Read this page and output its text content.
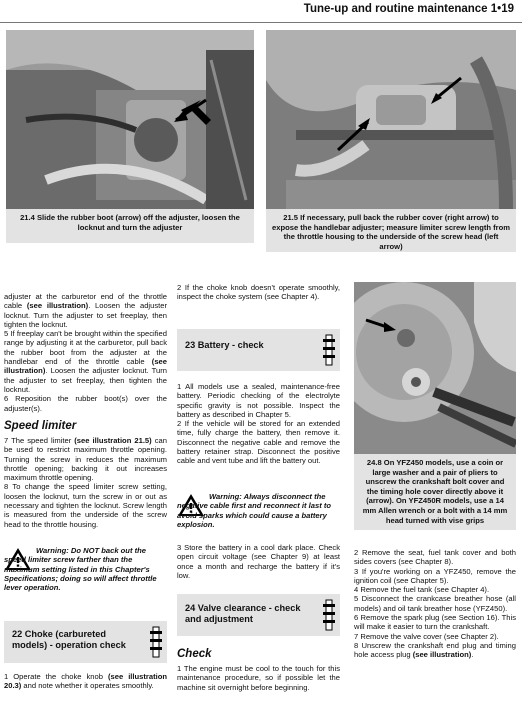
Tune-up and routine maintenance 1•19
21.4 Slide the rubber boot (arrow) off the adjuster, loosen the locknut and turn the adjuster
21.5 If necessary, pull back the rubber cover (right arrow) to expose the handlebar adjuster; measure limiter screw length from the throttle housing to the underside of the screw head (left arrow)

adjuster at the carburetor end of the throttle cable (see illustration). Loosen the adjuster locknut. Turn the adjuster to set freeplay, then tighten the locknut.

5 If freeplay can't be brought within the specified range by adjusting it at the carburetor, pull back the rubber boot from the adjuster at the handlebar end of the throttle cable (see illustration). Loosen the adjuster locknut. Turn the adjuster to set freeplay, then tighten the locknut.

6 Reposition the rubber boot(s) over the adjuster(s).

Speed limiter

7 The speed limiter (see illustration 21.5) can be used to restrict maximum throttle opening. Turning the screw in reduces the maximum throttle opening; backing it out increases maximum throttle opening.

8 To change the speed limiter screw setting, loosen the locknut, turn the screw in or out as necessary and tighten the locknut. Screw length is measured from the underside of the screw head to the throttle housing.

Warning: Do NOT back out the speed limiter screw farther than the maximum setting listed in this Chapter's Specifications; doing so will affect throttle lever operation.
22 Choke (carbureted models) - operation check

1 Operate the choke knob (see illustration 20.3) and note whether it operates smoothly.

2 If the choke knob doesn't operate smoothly, inspect the choke system (see Chapter 4).

23 Battery - check

1 All models use a sealed, maintenance-free battery. Periodic checking of the electrolyte specific gravity is not possible. Inspect the battery as described in Chapter 5.

2 If the vehicle will be stored for an extended time, fully charge the battery, then remove it. Disconnect the negative cable and remove the battery retainer strap. Disconnect the positive cable and vent tube and lift the battery out.

Warning: Always disconnect the negative cable first and reconnect it last to avoid sparks which could cause a battery explosion.

3 Store the battery in a cool dark place. Check open circuit voltage (see Chapter 9) at least once a month and recharge the battery if it's low.

24 Valve clearance - check and adjustment
Check

1 The engine must be cool to the touch for this maintenance procedure, so if possible let the machine sit overnight before beginning.

24.8 On YFZ450 models, use a coin or large washer and a pair of pliers to unscrew the crankshaft bolt cover and the timing hole cover directly above it (arrow). On YFZ450R models, use a 14 mm Allen wrench or a bolt with a 14 mm head turned with vise grips

2 Remove the seat, fuel tank cover and both sides covers (see Chapter 8).

3 If you're working on a YFZ450, remove the ignition coil (see Chapter 5).

4 Remove the fuel tank (see Chapter 4).

5 Disconnect the crankcase breather hose (all models) and oil tank breather hose (YFZ450).

6 Remove the spark plug (see Section 16). This will make it easier to turn the crankshaft.

7 Remove the valve cover (see Chapter 2).

8 Unscrew the crankshaft end plug and timing hole access plug (see illustration).
